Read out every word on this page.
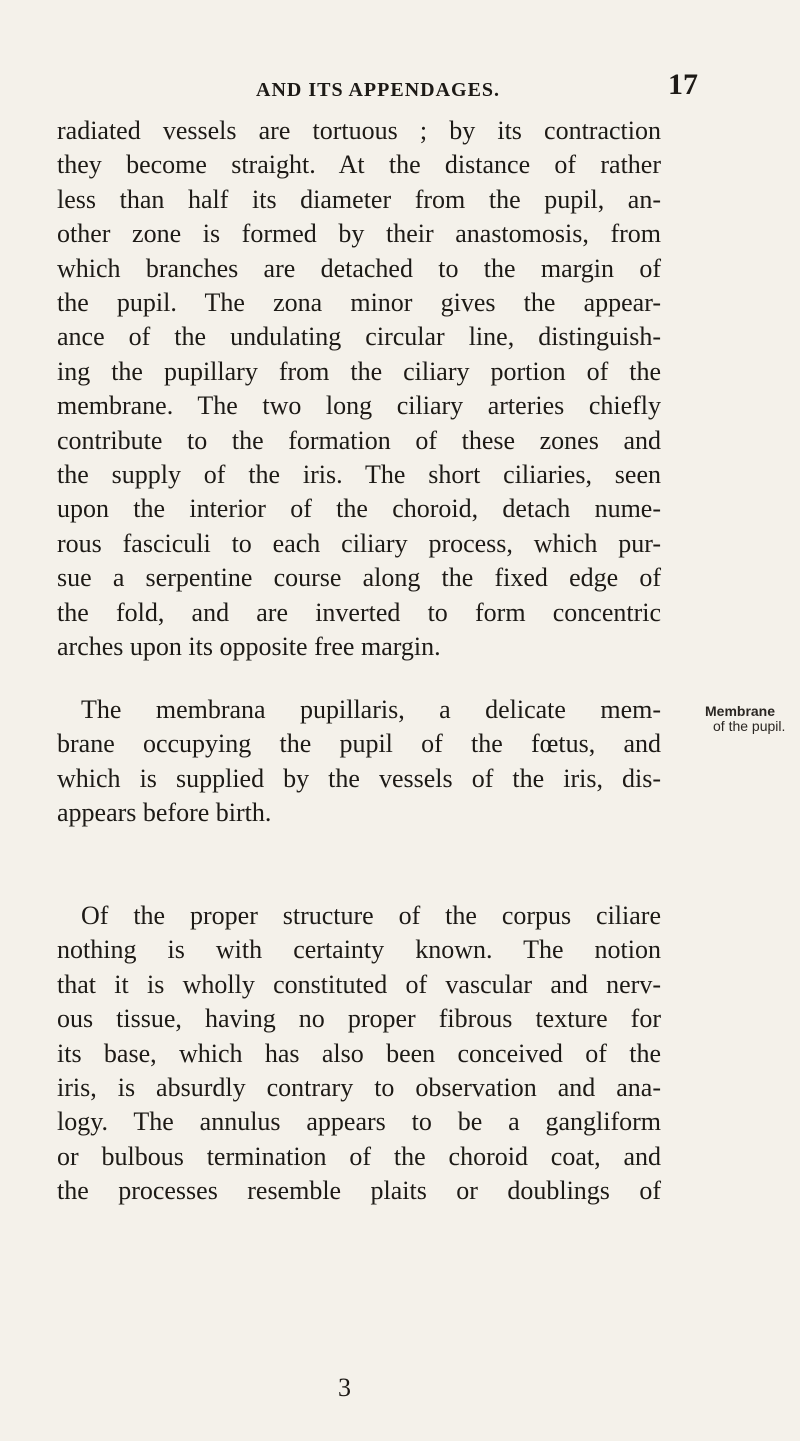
AND ITS APPENDAGES.	17

radiated vessels are tortuous ; by its contraction
they become straight. At the distance of rather
less than half its diameter from the pupil, an-
other zone is formed by their anastomosis, from
which branches are detached to the margin of
the pupil. The zona minor gives the appear-
ance of the undulating circular line, distinguish-
ing the pupillary from the ciliary portion of the
membrane. The two long ciliary arteries chiefly
contribute to the formation of these zones and
the supply of the iris. The short ciliaries, seen
upon the interior of the choroid, detach nume-
rous fasciculi to each ciliary process, which pur-
sue a serpentine course along the fixed edge of
the fold, and are inverted to form concentric
arches upon its opposite free margin.

The membrana pupillaris, a delicate mem-
brane occupying the pupil of the fœtus, and
which is supplied by the vessels of the iris, dis-
appears before birth.

Membrane
of the pupil.

Of the proper structure of the corpus ciliare
nothing is with certainty known. The notion
that it is wholly constituted of vascular and nerv-
ous tissue, having no proper fibrous texture for
its base, which has also been conceived of the
iris, is absurdly contrary to observation and ana-
logy. The annulus appears to be a gangliform
or bulbous termination of the choroid coat, and
the processes resemble plaits or doublings of

3
